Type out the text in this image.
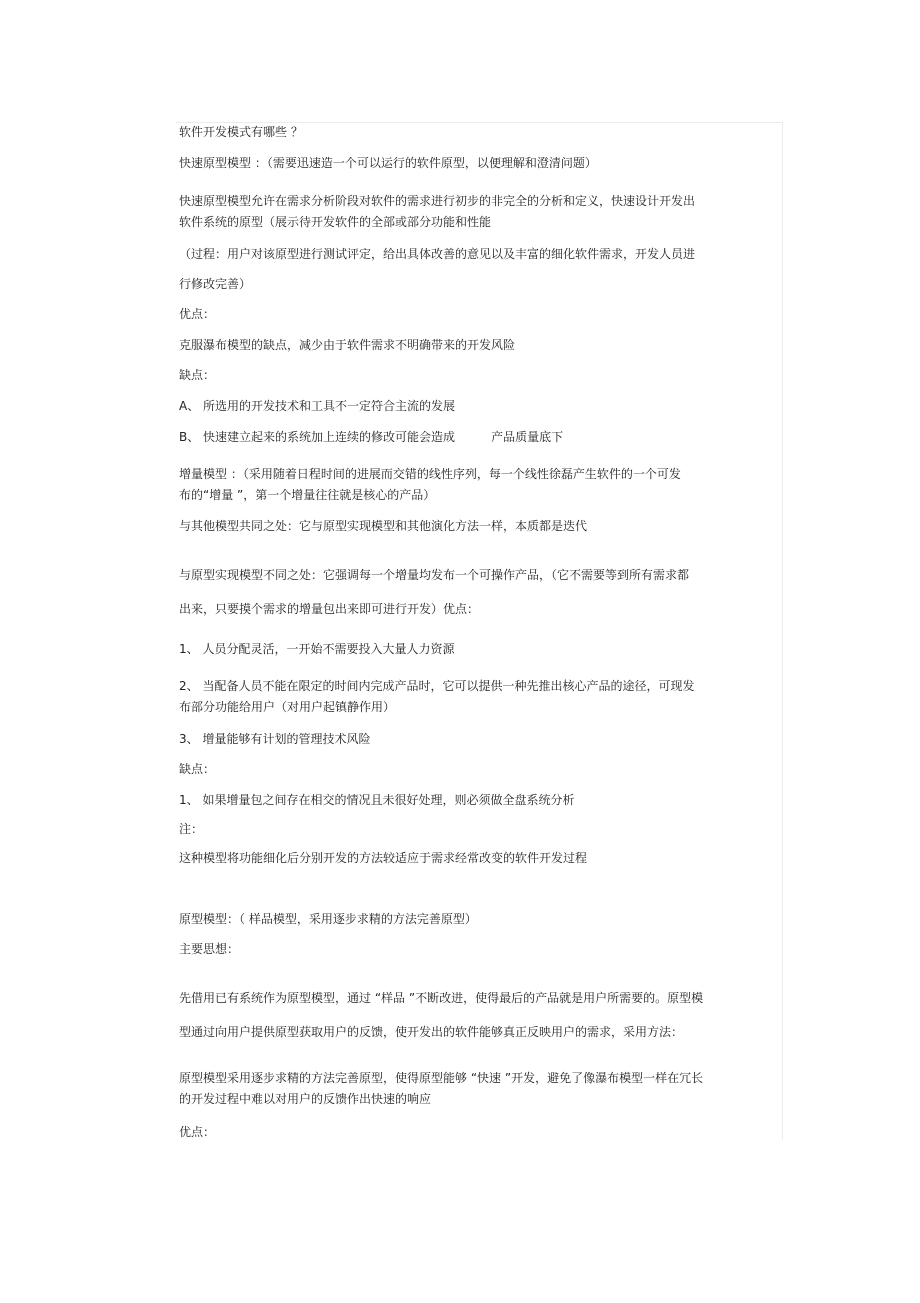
软件开发模式有哪些 ？
快速原型模型 ：（需要迅速造一个可以运行的软件原型，以便理解和澄清问题）
快速原型模型允许在需求分析阶段对软件的需求进行初步的非完全的分析和定义，快速设计开发出
软件系统的原型（展示待开发软件的全部或部分功能和性能
（过程：用户对该原型进行测试评定，给出具体改善的意见以及丰富的细化软件需求，开发人员进
行修改完善）
优点：
克服瀑布模型的缺点，减少由于软件需求不明确带来的开发风险
缺点：
A、 所选用的开发技术和工具不一定符合主流的发展
B、 快速建立起来的系统加上连续的修改可能会造成	产品质量底下
增量模型 ：（采用随着日程时间的进展而交错的线性序列，每一个线性徐磊产生软件的一个可发
布的“增量 ”，第一个增量往往就是核心的产品）
与其他模型共同之处：它与原型实现模型和其他演化方法一样，本质都是迭代
与原型实现模型不同之处：它强调每一个增量均发布一个可操作产品，（它不需要等到所有需求都
出来，只要摸个需求的增量包出来即可进行开发）优点：
1、 人员分配灵活，一开始不需要投入大量人力资源
2、 当配备人员不能在限定的时间内完成产品时，它可以提供一种先推出核心产品的途径，可现发
布部分功能给用户（对用户起镇静作用）
3、 增量能够有计划的管理技术风险
缺点：
1、 如果增量包之间存在相交的情况且未很好处理，则必须做全盘系统分析
注：
这种模型将功能细化后分别开发的方法较适应于需求经常改变的软件开发过程
原型模型：（ 样品模型，采用逐步求精的方法完善原型）
主要思想：
先借用已有系统作为原型模型，通过 “样品 ”不断改进，使得最后的产品就是用户所需要的。原型模
型通过向用户提供原型获取用户的反馈，使开发出的软件能够真正反映用户的需求，采用方法：
原型模型采用逐步求精的方法完善原型，使得原型能够 “快速 ”开发，避免了像瀑布模型一样在冗长
的开发过程中难以对用户的反馈作出快速的响应
优点：
